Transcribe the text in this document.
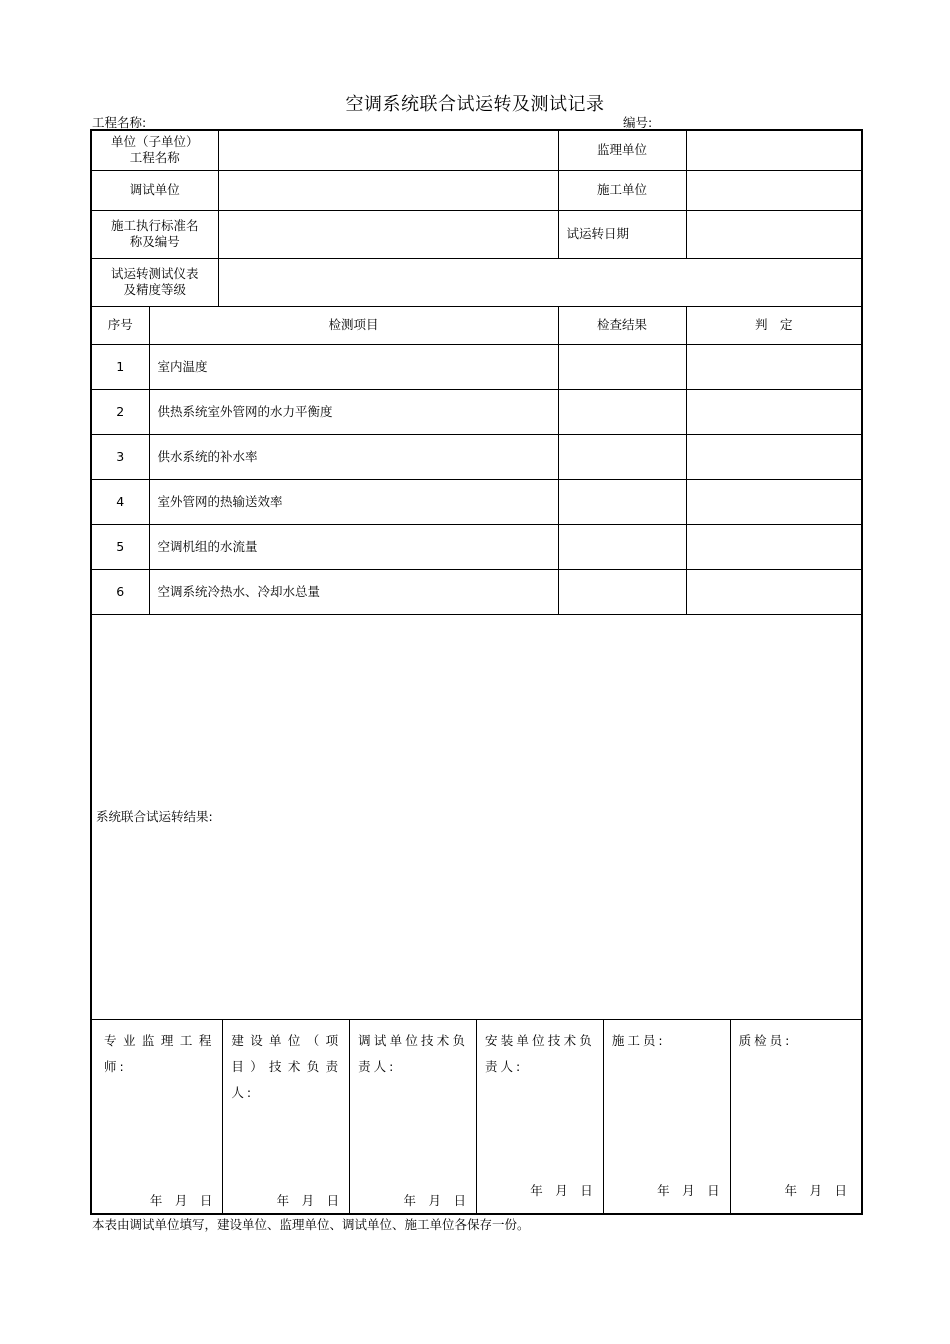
空调系统联合试运转及测试记录
工程名称:	编号:
单位（子单位）
工程名称
		监理单位	
调试单位		施工单位	

施工执行标准名
称及编号
		试运转日期	

试运转测试仪表
及精度等级

序号	检测项目	检查结果	判　定
1	室内温度		
2	供热系统室外管网的水力平衡度		
3	供水系统的补水率		
4	室外管网的热输送效率		
5	空调机组的水流量		
6	空调系统冷热水、冷却水总量		
系统联合试运转结果:

专业监理工程师:
年　月　日

建设单位（项目）技术负责人:
年　月　日

调试单位技术负责人:
年　月　日

安装单位技术负责人:
年　月　日

施工员:
年　月　日

质检员:
年　月　日
本表由调试单位填写，建设单位、监理单位、调试单位、施工单位各保存一份。
